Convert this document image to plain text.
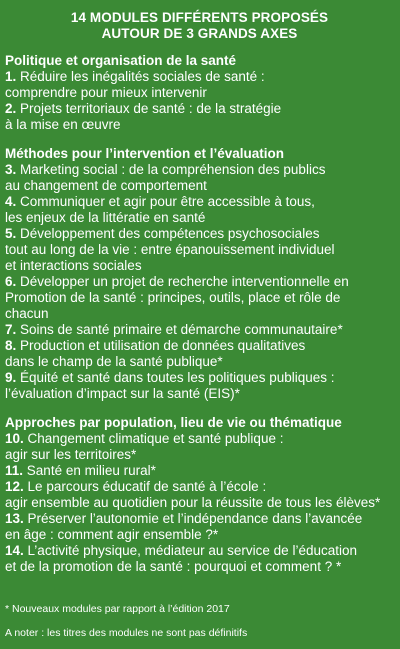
14 MODULES DIFFÉRENTS PROPOSÉS
AUTOUR DE 3 GRANDS AXES

Politique et organisation de la santé

1. Réduire les inégalités sociales de santé :
comprendre pour mieux intervenir

2. Projets territoriaux de santé : de la stratégie
à la mise en œuvre

Méthodes pour l’intervention et l’évaluation

3. Marketing social : de la compréhension des publics
au changement de comportement

4. Communiquer et agir pour être accessible à tous,
les enjeux de la littératie en santé

5. Développement des compétences psychosociales
tout au long de la vie : entre épanouissement individuel
et interactions sociales

6. Développer un projet de recherche interventionnelle en
Promotion de la santé : principes, outils, place et rôle de
chacun

7. Soins de santé primaire et démarche communautaire*

8. Production et utilisation de données qualitatives
dans le champ de la santé publique*

9. Équité et santé dans toutes les politiques publiques :
l’évaluation d’impact sur la santé (EIS)*

Approches par population, lieu de vie ou thématique

10. Changement climatique et santé publique :
agir sur les territoires*

11. Santé en milieu rural*

12. Le parcours éducatif de santé à l’école :
agir ensemble au quotidien pour la réussite de tous les élèves*

13. Préserver l’autonomie et l’indépendance dans l’avancée
en âge : comment agir ensemble ?*

14. L’activité physique, médiateur au service de l’éducation
et de la promotion de la santé : pourquoi et comment ? *

* Nouveaux modules par rapport à l’édition 2017

A noter : les titres des modules ne sont pas définitifs
